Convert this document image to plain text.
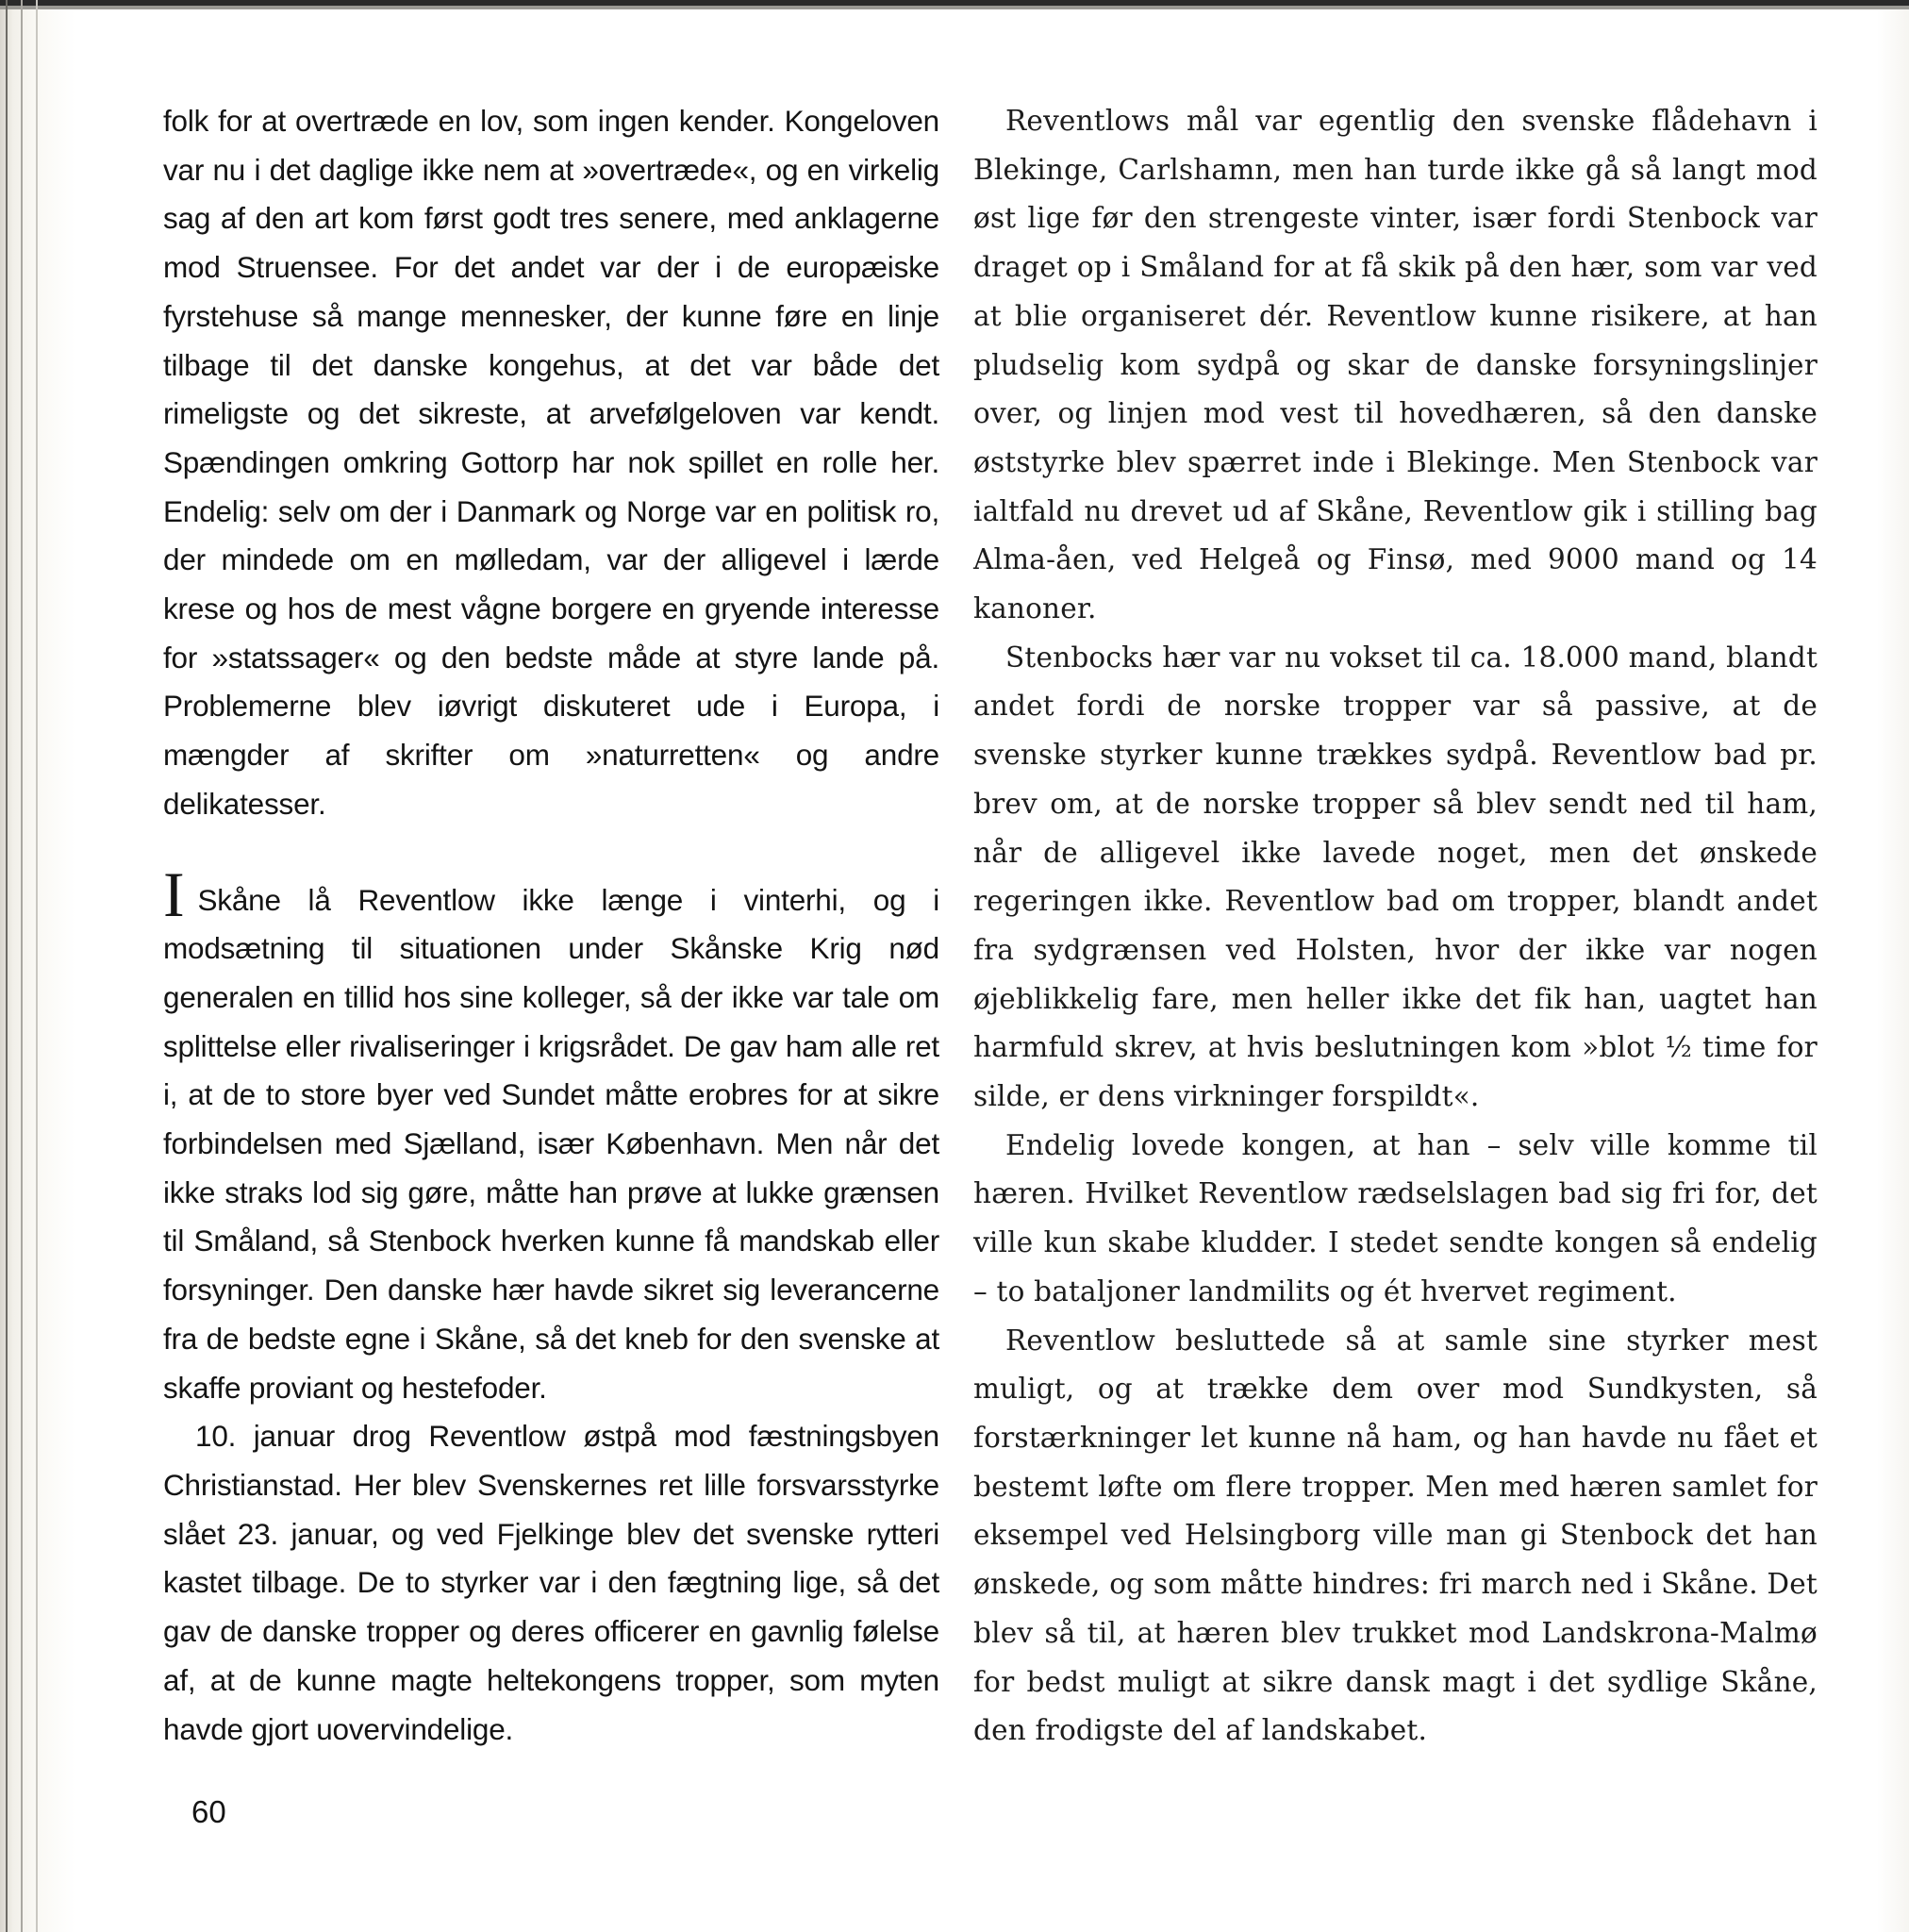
folk for at overtræde en lov, som ingen kender. Kongeloven var nu i det daglige ikke nem at »overtræde«, og en virkelig sag af den art kom først godt tres senere, med anklagerne mod Struensee. For det andet var der i de europæiske fyrstehuse så mange mennesker, der kunne føre en linje tilbage til det danske kongehus, at det var både det rimeligste og det sikreste, at arvefølgeloven var kendt. Spændingen omkring Gottorp har nok spillet en rolle her. Endelig: selv om der i Danmark og Norge var en politisk ro, der mindede om en mølledam, var der alligevel i lærde krese og hos de mest vågne borgere en gryende interesse for »statssager« og den bedste måde at styre lande på. Problemerne blev iøvrigt diskuteret ude i Europa, i mængder af skrifter om »naturretten« og andre delikatesser.

I Skåne lå Reventlow ikke længe i vinterhi, og i modsætning til situationen under Skånske Krig nød generalen en tillid hos sine kolleger, så der ikke var tale om splittelse eller rivaliseringer i krigsrådet. De gav ham alle ret i, at de to store byer ved Sundet måtte erobres for at sikre forbindelsen med Sjælland, især København. Men når det ikke straks lod sig gøre, måtte han prøve at lukke grænsen til Småland, så Stenbock hverken kunne få mandskab eller forsyninger. Den danske hær havde sikret sig leverancerne fra de bedste egne i Skåne, så det kneb for den svenske at skaffe proviant og hestefoder.

10. januar drog Reventlow østpå mod fæstningsbyen Christianstad. Her blev Svenskernes ret lille forsvarsstyrke slået 23. januar, og ved Fjelkinge blev det svenske rytteri kastet tilbage. De to styrker var i den fægtning lige, så det gav de danske tropper og deres officerer en gavnlig følelse af, at de kunne magte heltekongens tropper, som myten havde gjort uovervindelige.

Reventlows mål var egentlig den svenske flådehavn i Blekinge, Carlshamn, men han turde ikke gå så langt mod øst lige før den strengeste vinter, især fordi Stenbock var draget op i Småland for at få skik på den hær, som var ved at blie organiseret dér. Reventlow kunne risikere, at han pludselig kom sydpå og skar de danske forsyningslinjer over, og linjen mod vest til hovedhæren, så den danske øststyrke blev spærret inde i Blekinge. Men Stenbock var ialtfald nu drevet ud af Skåne, Reventlow gik i stilling bag Alma-åen, ved Helgeå og Finsø, med 9000 mand og 14 kanoner.

Stenbocks hær var nu vokset til ca. 18.000 mand, blandt andet fordi de norske tropper var så passive, at de svenske styrker kunne trækkes sydpå. Reventlow bad pr. brev om, at de norske tropper så blev sendt ned til ham, når de alligevel ikke lavede noget, men det ønskede regeringen ikke. Reventlow bad om tropper, blandt andet fra sydgrænsen ved Holsten, hvor der ikke var nogen øjeblikkelig fare, men heller ikke det fik han, uagtet han harmfuld skrev, at hvis beslutningen kom »blot ½ time for silde, er dens virkninger forspildt«.

Endelig lovede kongen, at han – selv ville komme til hæren. Hvilket Reventlow rædselslagen bad sig fri for, det ville kun skabe kludder. I stedet sendte kongen så endelig – to bataljoner landmilits og ét hvervet regiment.

Reventlow besluttede så at samle sine styrker mest muligt, og at trække dem over mod Sundkysten, så forstærkninger let kunne nå ham, og han havde nu fået et bestemt løfte om flere tropper. Men med hæren samlet for eksempel ved Helsingborg ville man gi Stenbock det han ønskede, og som måtte hindres: fri march ned i Skåne. Det blev så til, at hæren blev trukket mod Landskrona-Malmø for bedst muligt at sikre dansk magt i det sydlige Skåne, den frodigste del af landskabet.

60
